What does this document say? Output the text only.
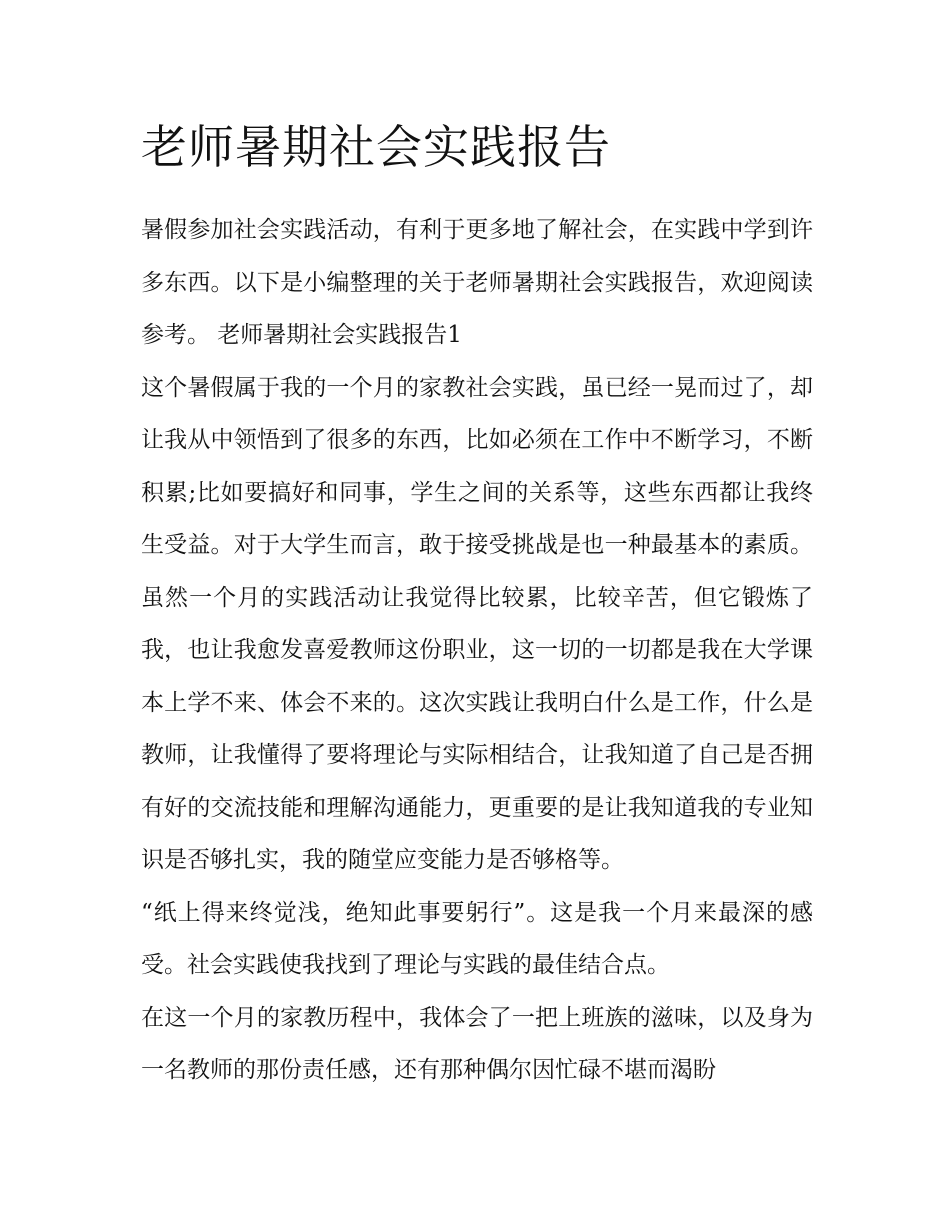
老师暑期社会实践报告

暑假参加社会实践活动，有利于更多地了解社会，在实践中学到许多东西。以下是小编整理的关于老师暑期社会实践报告，欢迎阅读参考。 老师暑期社会实践报告1

这个暑假属于我的一个月的家教社会实践，虽已经一晃而过了，却让我从中领悟到了很多的东西，比如必须在工作中不断学习，不断积累;比如要搞好和同事，学生之间的关系等，这些东西都让我终生受益。对于大学生而言，敢于接受挑战是也一种最基本的素质。虽然一个月的实践活动让我觉得比较累，比较辛苦，但它锻炼了我，也让我愈发喜爱教师这份职业，这一切的一切都是我在大学课本上学不来、体会不来的。这次实践让我明白什么是工作，什么是教师，让我懂得了要将理论与实际相结合，让我知道了自己是否拥有好的交流技能和理解沟通能力，更重要的是让我知道我的专业知识是否够扎实，我的随堂应变能力是否够格等。

“纸上得来终觉浅，绝知此事要躬行”。这是我一个月来最深的感受。社会实践使我找到了理论与实践的最佳结合点。

在这一个月的家教历程中，我体会了一把上班族的滋味，以及身为一名教师的那份责任感，还有那种偶尔因忙碌不堪而渴盼
